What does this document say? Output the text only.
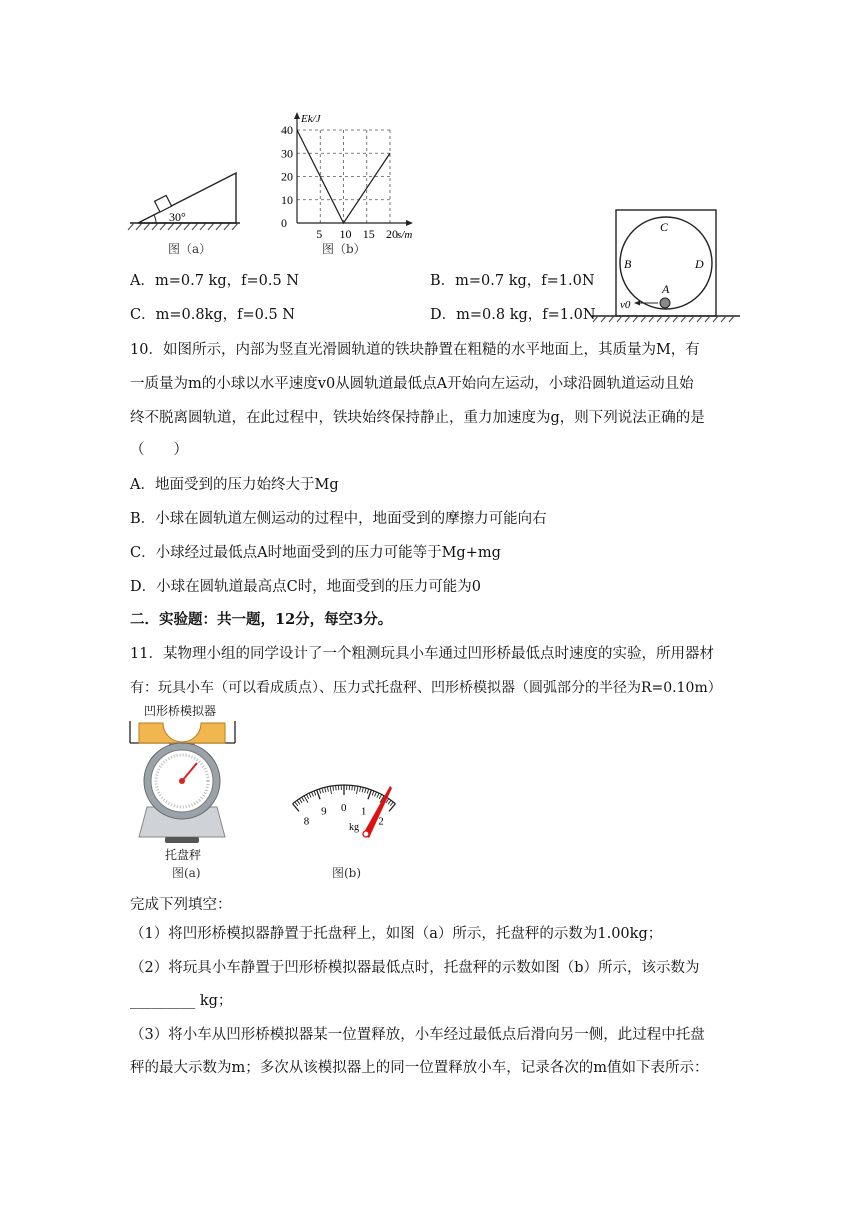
30°
图（a）
40
30
20
10
0
5 10 15 20
Ek/J
s/m
图（b）
C
B	D
A
v0
A．m=0.7 kg，f=0.5 N	B．m=0.7 kg，f=1.0N
C．m=0.8kg，f=0.5 N	D．m=0.8 kg，f=1.0N
10．如图所示，内部为竖直光滑圆轨道的铁块静置在粗糙的水平地面上，其质量为M，有
一质量为m的小球以水平速度v0从圆轨道最低点A开始向左运动，小球沿圆轨道运动且始
终不脱离圆轨道，在此过程中，铁块始终保持静止，重力加速度为g，则下列说法正确的是
（　　）
A．地面受到的压力始终大于Mg
B．小球在圆轨道左侧运动的过程中，地面受到的摩擦力可能向右
C．小球经过最低点A时地面受到的压力可能等于Mg+mg
D．小球在圆轨道最高点C时，地面受到的压力可能为0
二．实验题：共一题，12分，每空3分。
11．某物理小组的同学设计了一个粗测玩具小车通过凹形桥最低点时速度的实验，所用器材
有：玩具小车（可以看成质点）、压力式托盘秤、凹形桥模拟器（圆弧部分的半径为R=0.10m）
凹形桥模拟器
托盘秤
图(a)
8
9 0 1
2
kg
图(b)
完成下列填空：
（1）将凹形桥模拟器静置于托盘秤上，如图（a）所示，托盘秤的示数为1.00kg；
（2）将玩具小车静置于凹形桥模拟器最低点时，托盘秤的示数如图（b）所示，该示数为
_________ kg；
（3）将小车从凹形桥模拟器某一位置释放，小车经过最低点后滑向另一侧，此过程中托盘
秤的最大示数为m；多次从该模拟器上的同一位置释放小车，记录各次的m值如下表所示：
